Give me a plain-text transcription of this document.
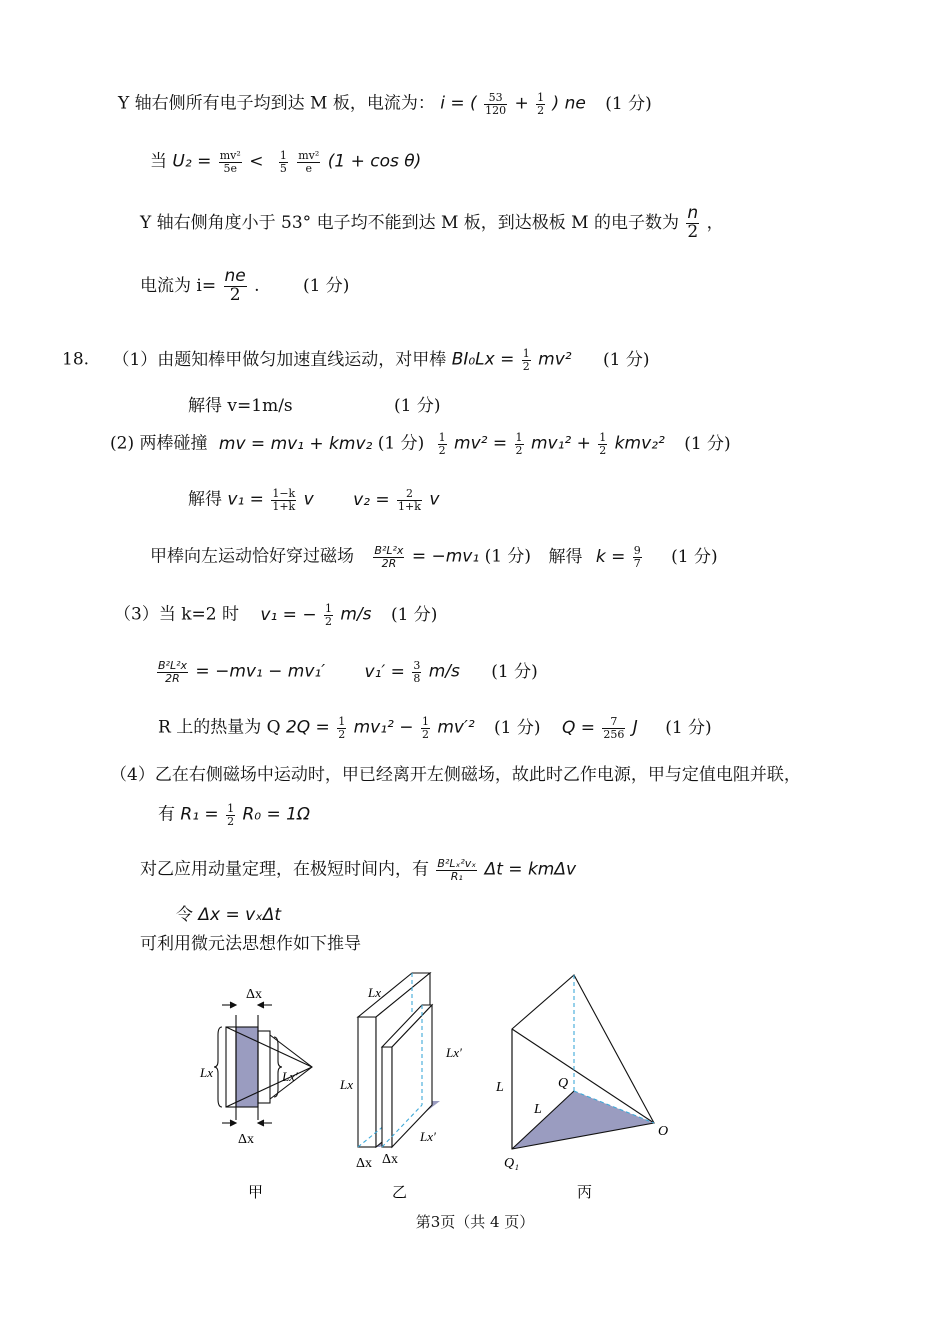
Y 轴右侧所有电子均到达 M 板，电流为： i = ( $\frac{53}{120} + \frac{1}{2}$ ) ne (1 分)
当 $U_2 = \frac{\text{mv²}}{5e} < \frac{1}{5}$
$\frac{\text{mv²}}{e} (1 + \cos \theta)$
Y 轴右侧角度小于 53° 电子均不能到达 M 板，到达极板 M 的电子数为 $\frac{n}{2}$ ，
电流为 $i= \frac{ne}{2}$ .	(1 分)
18. （1）由题知棒甲做匀加速直线运动，对甲棒 $BI_0Lx = \frac{1}{2} mv^2$ (1 分)
解得 v=1m/s	(1 分)
(2) 两棒碰撞 mv = mv₁ + kmv₂ (1 分) $\frac{1}{2} mv^2 = \frac{1}{2} mv_1^2 + \frac{1}{2} kmv_2^2$ (1 分)
解得 $v_1 = \frac{1-k}{1+k}$ v $v_2 = \frac{2}{1+k}$ v
甲棒向左运动恰好穿过磁场 $\frac{\text{B²L²x}}{2R} = -mv_1$ (1 分) 解得 $k = \frac{9}{7} (1$ 分)
（3）当 k=2 时 v₁ = − $\frac{1}{2} m/s$ (1 分)
$\frac{\text{B²L²x}}{2R} = -mv_1 - mv_1'$ $v_1' = \frac{3}{8} m/s$ (1 分)
R 上的热量为 Q $2Q = \frac{1}{2} mv_1^2 - \frac{1}{2} mv'^2$ (1 分) $Q = \frac{7}{256}$ J (1 分)
（4）乙在右侧磁场中运动时，甲已经离开左侧磁场，故此时乙作电源，甲与定值电阻并联，
有 $R_1 = \frac{1}{2} R_0 = 1\Omega$
对乙应用动量定理，在极短时间内，有 $\frac{\text{B²Lₓ²vₓ}}{\text{R₁}}$ Δt = kmΔv
令 Δx = vₓΔt
可利用微元法思想作如下推导
Δx
Δx
Lx	Lx′
甲
Lx
Lx
Lx′
Lx′
Δx Δx
乙
L
L
Q
Q₁
O
丙
第3页（共 4 页）
